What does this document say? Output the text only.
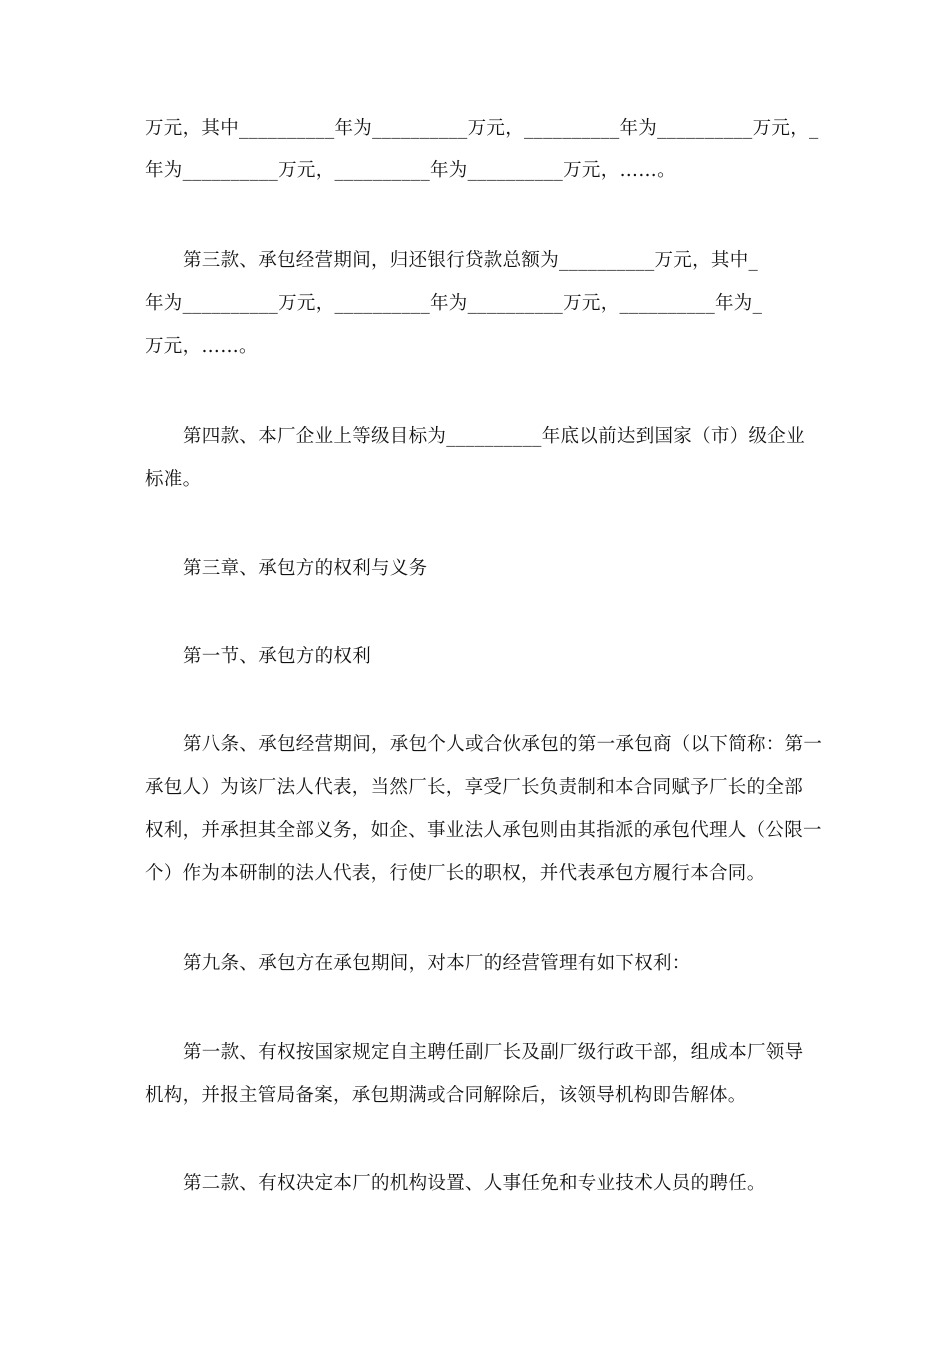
万元，其中__________年为__________万元，__________年为__________万元，_
年为__________万元，__________年为__________万元，……。
第三款、承包经营期间，归还银行贷款总额为__________万元，其中_
年为__________万元，__________年为__________万元，__________年为_
万元，……。
第四款、本厂企业上等级目标为__________年底以前达到国家（市）级企业
标准。
第三章、承包方的权利与义务
第一节、承包方的权利
第八条、承包经营期间，承包个人或合伙承包的第一承包商（以下简称：第一
承包人）为该厂法人代表，当然厂长，享受厂长负责制和本合同赋予厂长的全部
权利，并承担其全部义务，如企、事业法人承包则由其指派的承包代理人（公限一
个）作为本研制的法人代表，行使厂长的职权，并代表承包方履行本合同。
第九条、承包方在承包期间，对本厂的经营管理有如下权利：
第一款、有权按国家规定自主聘任副厂长及副厂级行政干部，组成本厂领导
机构，并报主管局备案，承包期满或合同解除后，该领导机构即告解体。
第二款、有权决定本厂的机构设置、人事任免和专业技术人员的聘任。
